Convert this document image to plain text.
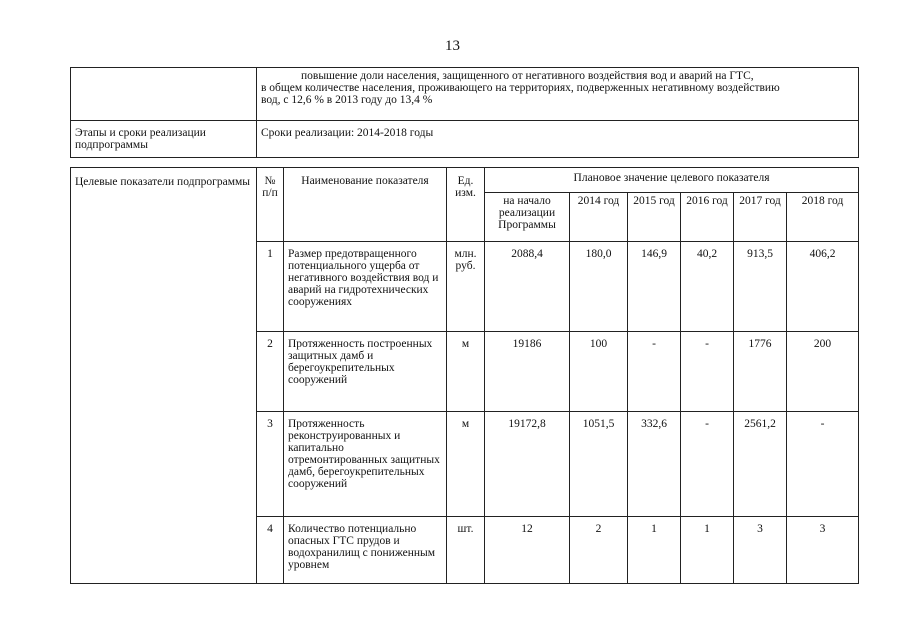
13

	повышение доли населения, защищенного от негативного воздействия вод и аварий на ГТС,
в общем количестве населения, проживающего на территориях, подверженных негативному воздействию
вод, с 12,6 % в 2013 году до 13,4 %

Этапы и сроки реализации подпрограммы	Сроки реализации: 2014-2018 годы
Целевые показатели подпрограммы	№ п/п	Наименование показателя	Ед. изм.	Плановое значение целевого показателя					
				на начало реализации Программы	2014 год	2015 год	2016 год	2017 год	2018 год
	1	Размер предотвращенного потенциального ущерба от негативного воздействия вод и аварий на гидротехнических сооружениях	млн. руб.	2088,4	180,0	146,9	40,2	913,5	406,2
	2	Протяженность построенных защитных дамб и берегоукрепительных сооружений	м	19186	100	-	-	1776	200
	3	Протяженность реконструированных и капитально отремонтированных защитных дамб, берегоукрепительных сооружений	м	19172,8	1051,5	332,6	-	2561,2	-
	4	Количество потенциально опасных ГТС прудов и водохранилищ с пониженным уровнем	шт.	12	2	1	1	3	3
